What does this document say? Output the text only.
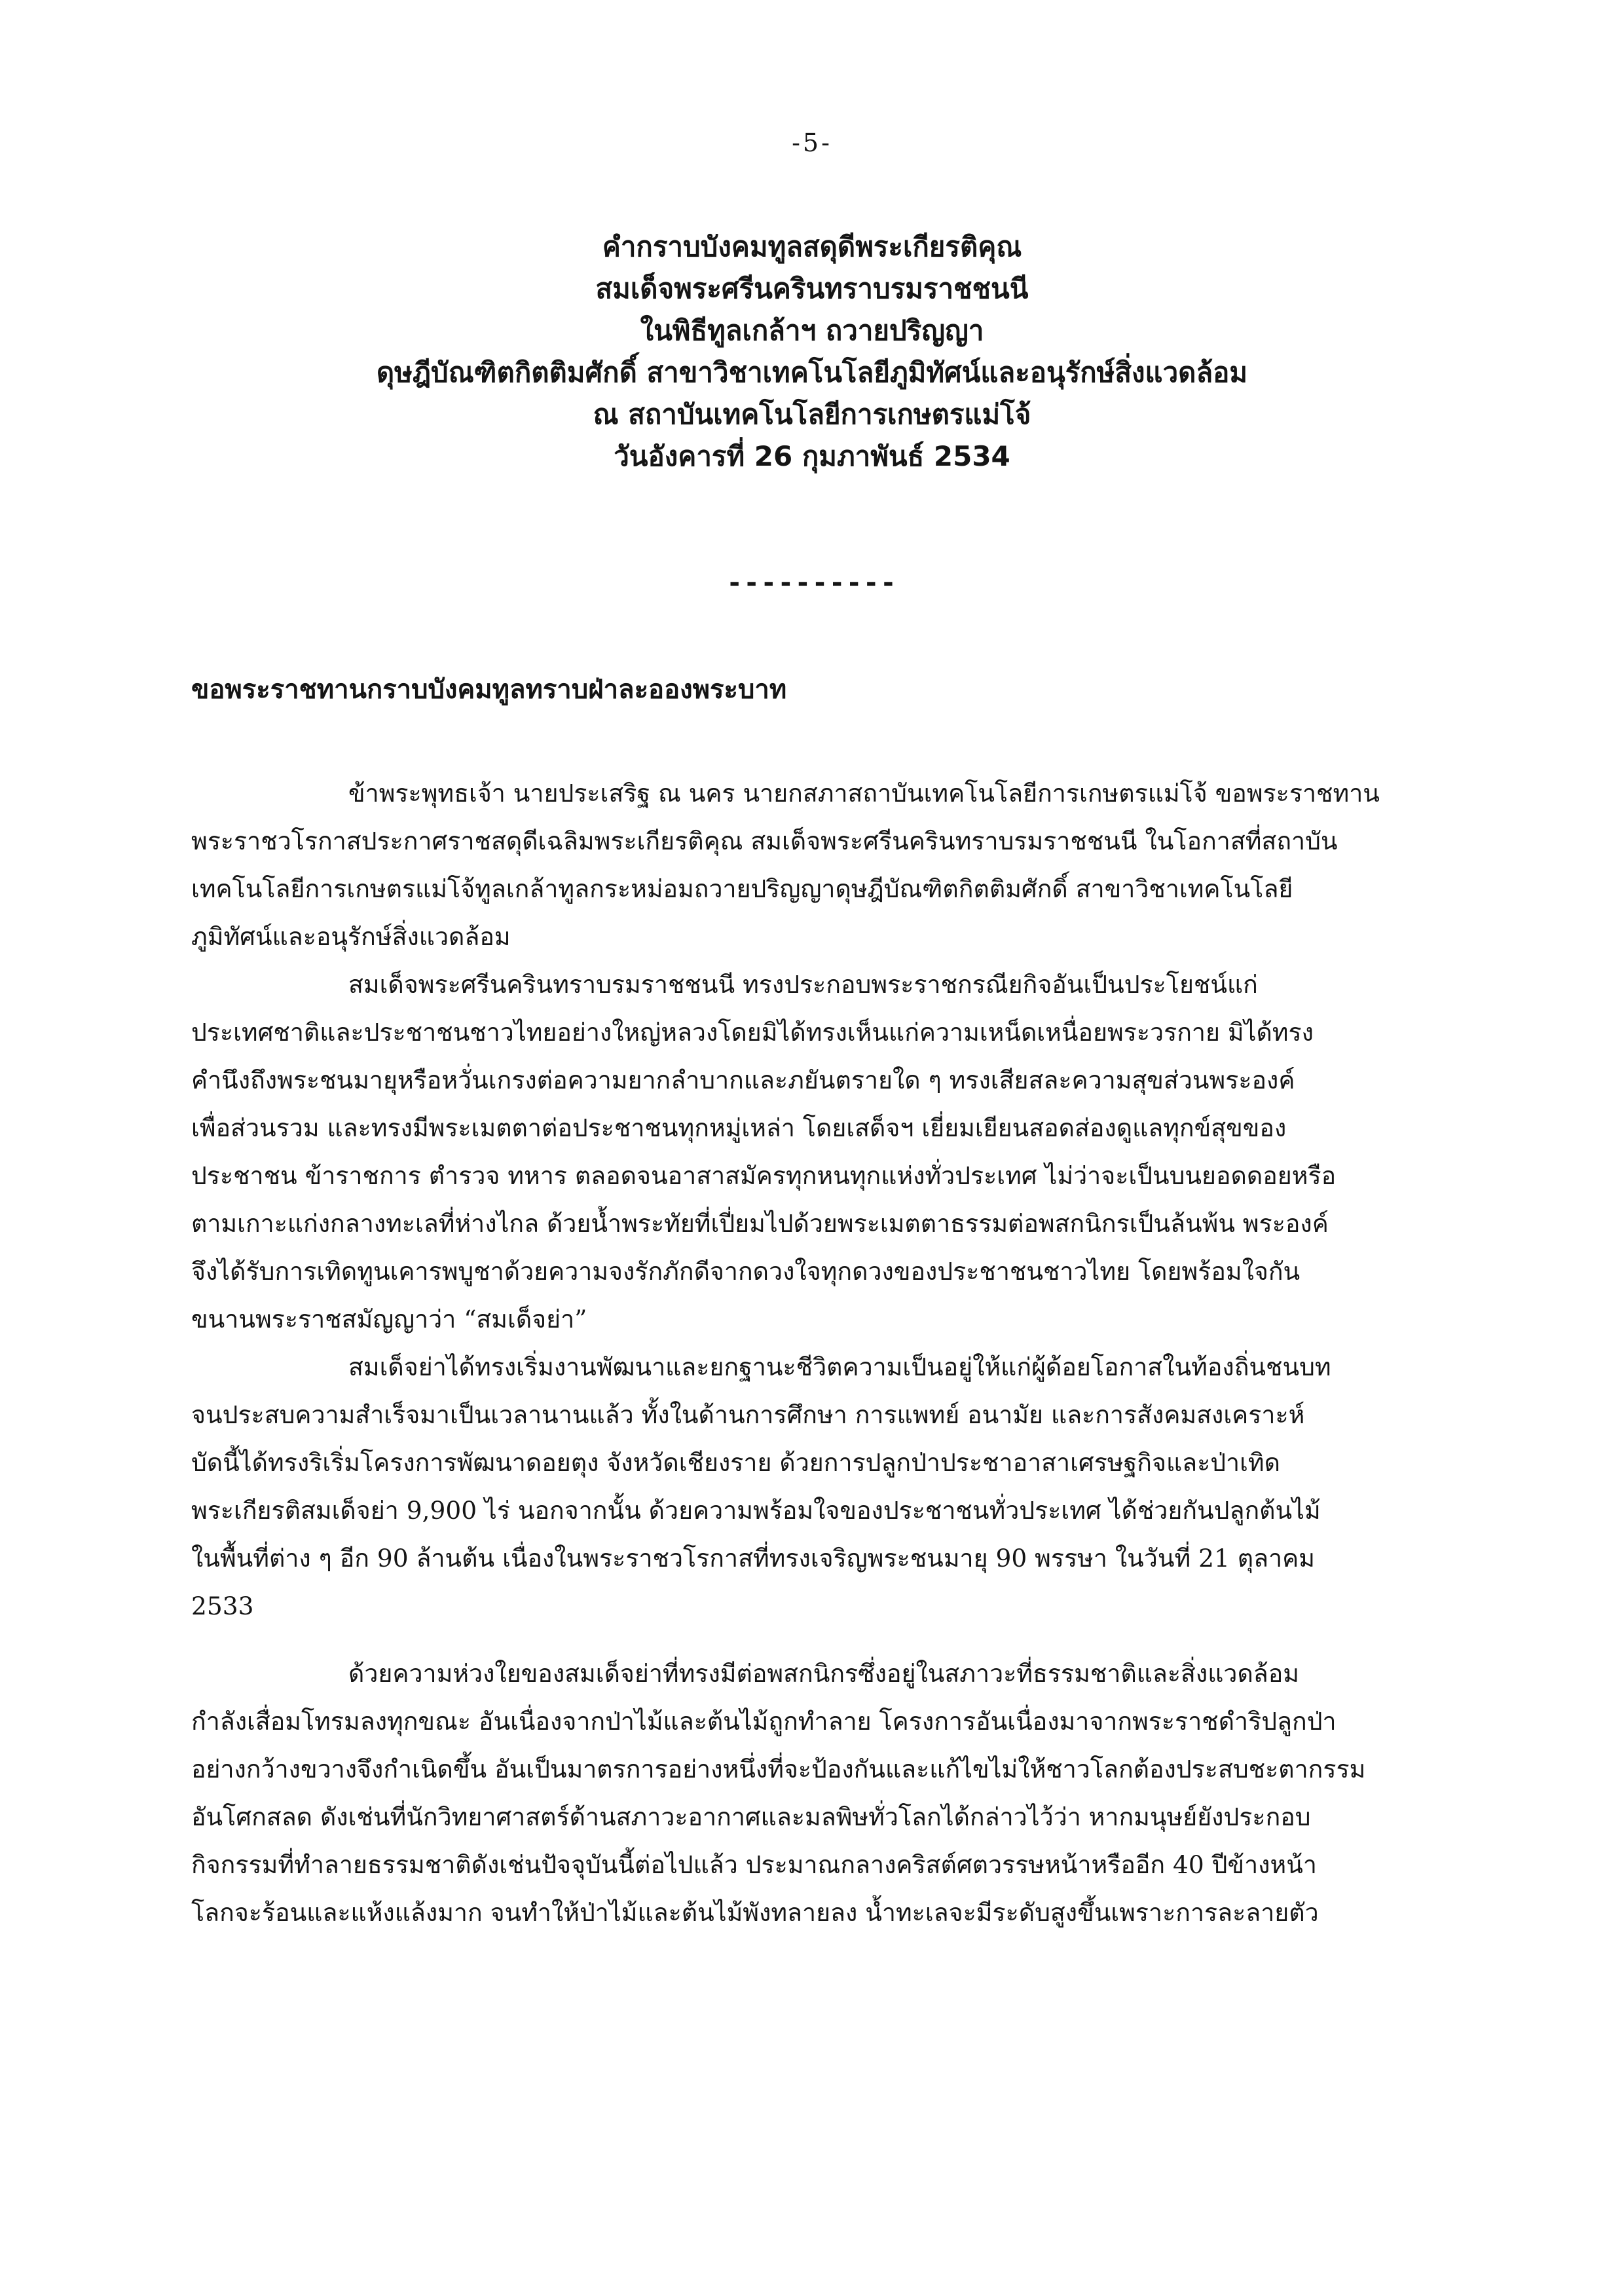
-5-
คำกราบบังคมทูลสดุดีพระเกียรติคุณ
สมเด็จพระศรีนครินทราบรมราชชนนี
ในพิธีทูลเกล้าฯ ถวายปริญญา
ดุษฎีบัณฑิตกิตติมศักดิ์ สาขาวิชาเทคโนโลยีภูมิทัศน์และอนุรักษ์สิ่งแวดล้อม
ณ สถาบันเทคโนโลยีการเกษตรแม่โจ้
วันอังคารที่ 26 กุมภาพันธ์ 2534
----------
ขอพระราชทานกราบบังคมทูลทราบฝ่าละอองพระบาท
ข้าพระพุทธเจ้า นายประเสริฐ ณ นคร นายกสภาสถาบันเทคโนโลยีการเกษตรแม่โจ้ ขอพระราชทาน
พระราชวโรกาสประกาศราชสดุดีเฉลิมพระเกียรติคุณ สมเด็จพระศรีนครินทราบรมราชชนนี ในโอกาสที่สถาบัน
เทคโนโลยีการเกษตรแม่โจ้ทูลเกล้าทูลกระหม่อมถวายปริญญาดุษฎีบัณฑิตกิตติมศักดิ์ สาขาวิชาเทคโนโลยี
ภูมิทัศน์และอนุรักษ์สิ่งแวดล้อม
สมเด็จพระศรีนครินทราบรมราชชนนี ทรงประกอบพระราชกรณียกิจอันเป็นประโยชน์แก่
ประเทศชาติและประชาชนชาวไทยอย่างใหญ่หลวงโดยมิได้ทรงเห็นแก่ความเหน็ดเหนื่อยพระวรกาย มิได้ทรง
คำนึงถึงพระชนมายุหรือหวั่นเกรงต่อความยากลำบากและภยันตรายใด ๆ ทรงเสียสละความสุขส่วนพระองค์
เพื่อส่วนรวม และทรงมีพระเมตตาต่อประชาชนทุกหมู่เหล่า โดยเสด็จฯ เยี่ยมเยียนสอดส่องดูแลทุกข์สุขของ
ประชาชน ข้าราชการ ตำรวจ ทหาร ตลอดจนอาสาสมัครทุกหนทุกแห่งทั่วประเทศ ไม่ว่าจะเป็นบนยอดดอยหรือ
ตามเกาะแก่งกลางทะเลที่ห่างไกล ด้วยน้ำพระทัยที่เปี่ยมไปด้วยพระเมตตาธรรมต่อพสกนิกรเป็นล้นพ้น พระองค์
จึงได้รับการเทิดทูนเคารพบูชาด้วยความจงรักภักดีจากดวงใจทุกดวงของประชาชนชาวไทย โดยพร้อมใจกัน
ขนานพระราชสมัญญาว่า “สมเด็จย่า”
สมเด็จย่าได้ทรงเริ่มงานพัฒนาและยกฐานะชีวิตความเป็นอยู่ให้แก่ผู้ด้อยโอกาสในท้องถิ่นชนบท
จนประสบความสำเร็จมาเป็นเวลานานแล้ว ทั้งในด้านการศึกษา การแพทย์ อนามัย และการสังคมสงเคราะห์
บัดนี้ได้ทรงริเริ่มโครงการพัฒนาดอยตุง จังหวัดเชียงราย ด้วยการปลูกป่าประชาอาสาเศรษฐกิจและป่าเทิด
พระเกียรติสมเด็จย่า 9,900 ไร่ นอกจากนั้น ด้วยความพร้อมใจของประชาชนทั่วประเทศ ได้ช่วยกันปลูกต้นไม้
ในพื้นที่ต่าง ๆ อีก 90 ล้านต้น เนื่องในพระราชวโรกาสที่ทรงเจริญพระชนมายุ 90 พรรษา ในวันที่ 21 ตุลาคม
2533
ด้วยความห่วงใยของสมเด็จย่าที่ทรงมีต่อพสกนิกรซึ่งอยู่ในสภาวะที่ธรรมชาติและสิ่งแวดล้อม
กำลังเสื่อมโทรมลงทุกขณะ อันเนื่องจากป่าไม้และต้นไม้ถูกทำลาย โครงการอันเนื่องมาจากพระราชดำริปลูกป่า
อย่างกว้างขวางจึงกำเนิดขึ้น อันเป็นมาตรการอย่างหนึ่งที่จะป้องกันและแก้ไขไม่ให้ชาวโลกต้องประสบชะตากรรม
อันโศกสลด ดังเช่นที่นักวิทยาศาสตร์ด้านสภาวะอากาศและมลพิษทั่วโลกได้กล่าวไว้ว่า หากมนุษย์ยังประกอบ
กิจกรรมที่ทำลายธรรมชาติดังเช่นปัจจุบันนี้ต่อไปแล้ว ประมาณกลางคริสต์ศตวรรษหน้าหรืออีก 40 ปีข้างหน้า
โลกจะร้อนและแห้งแล้งมาก จนทำให้ป่าไม้และต้นไม้พังทลายลง น้ำทะเลจะมีระดับสูงขึ้นเพราะการละลายตัว
